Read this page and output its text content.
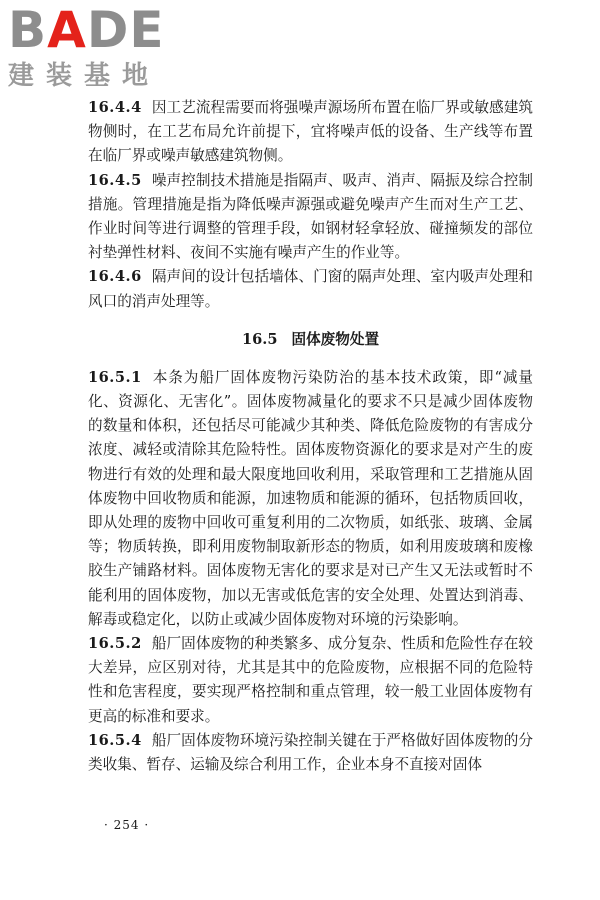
BADE
建装基地

16.4.4 因工艺流程需要而将强噪声源场所布置在临厂界或敏感建筑物侧时，在工艺布局允许前提下，宜将噪声低的设备、生产线等布置在临厂界或噪声敏感建筑物侧。

16.4.5 噪声控制技术措施是指隔声、吸声、消声、隔振及综合控制措施。管理措施是指为降低噪声源强或避免噪声产生而对生产工艺、作业时间等进行调整的管理手段，如钢材轻拿轻放、碰撞频发的部位衬垫弹性材料、夜间不实施有噪声产生的作业等。

16.4.6 隔声间的设计包括墙体、门窗的隔声处理、室内吸声处理和风口的消声处理等。

16.5 固体废物处置

16.5.1 本条为船厂固体废物污染防治的基本技术政策，即“减量化、资源化、无害化”。固体废物减量化的要求不只是减少固体废物的数量和体积，还包括尽可能减少其种类、降低危险废物的有害成分浓度、减轻或清除其危险特性。固体废物资源化的要求是对产生的废物进行有效的处理和最大限度地回收利用，采取管理和工艺措施从固体废物中回收物质和能源，加速物质和能源的循环，包括物质回收，即从处理的废物中回收可重复利用的二次物质，如纸张、玻璃、金属等；物质转换，即利用废物制取新形态的物质，如利用废玻璃和废橡胶生产铺路材料。固体废物无害化的要求是对已产生又无法或暂时不能利用的固体废物，加以无害或低危害的安全处理、处置达到消毒、解毒或稳定化，以防止或减少固体废物对环境的污染影响。

16.5.2 船厂固体废物的种类繁多、成分复杂、性质和危险性存在较大差异，应区别对待，尤其是其中的危险废物，应根据不同的危险特性和危害程度，要实现严格控制和重点管理，较一般工业固体废物有更高的标准和要求。

16.5.4 船厂固体废物环境污染控制关键在于严格做好固体废物的分类收集、暂存、运输及综合利用工作，企业本身不直接对固体

· 254 ·
